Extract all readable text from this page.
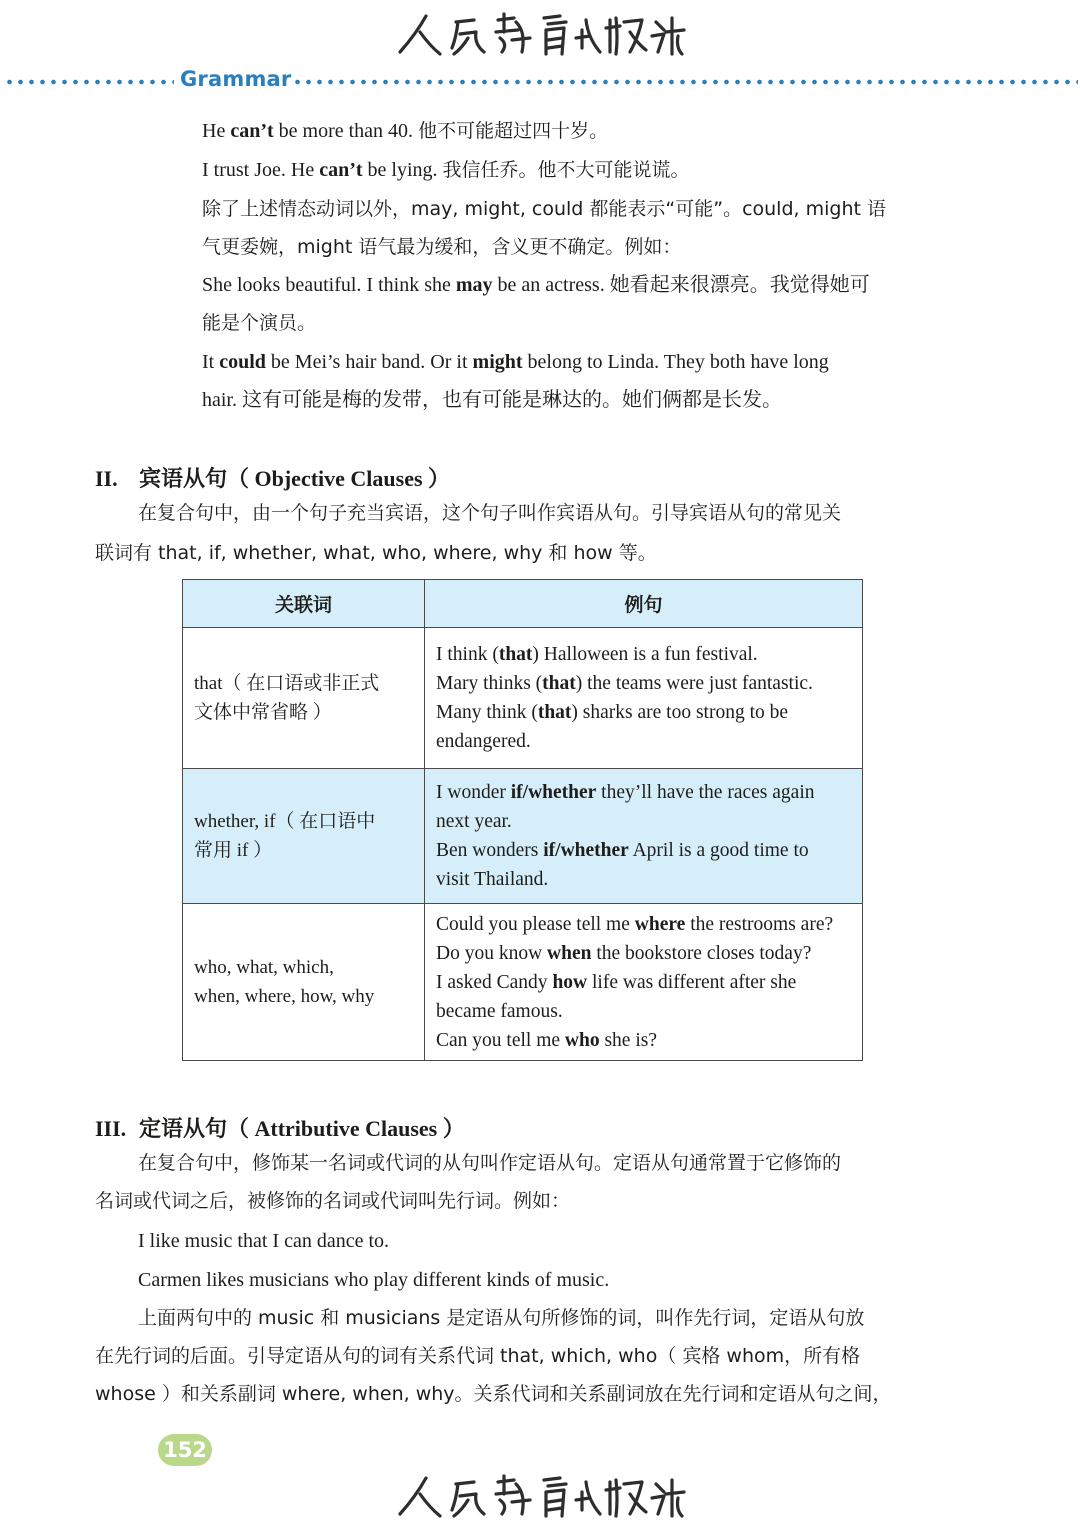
Grammar
He can’t be more than 40. 他不可能超过四十岁。
I trust Joe. He can’t be lying. 我信任乔。他不大可能说谎。
除了上述情态动词以外，may, might, could 都能表示“可能”。could, might 语
气更委婉，might 语气最为缓和，含义更不确定。例如：
She looks beautiful. I think she may be an actress. 她看起来很漂亮。我觉得她可
能是个演员。
It could be Mei’s hair band. Or it might belong to Linda. They both have long
hair. 这有可能是梅的发带，也有可能是琳达的。她们俩都是长发。
II. 宾语从句（ Objective Clauses ）
在复合句中，由一个句子充当宾语，这个句子叫作宾语从句。引导宾语从句的常见关
联词有 that, if, whether, what, who, where, why 和 how 等。
关联词	例句

that（ 在口语或非正式
文体中常省略 ）	I think (that) Halloween is a fun festival.
Mary thinks (that) the teams were just fantastic.
Many think (that) sharks are too strong to be
endangered.

whether, if（ 在口语中
常用 if ）	I wonder if/whether they’ll have the races again
next year.
Ben wonders if/whether April is a good time to
visit Thailand.

who, what, which,
when, where, how, why	Could you please tell me where the restrooms are?
Do you know when the bookstore closes today?
I asked Candy how life was different after she
became famous.
Can you tell me who she is?
III. 定语从句（ Attributive Clauses ）
在复合句中，修饰某一名词或代词的从句叫作定语从句。定语从句通常置于它修饰的
名词或代词之后，被修饰的名词或代词叫先行词。例如：
I like music that I can dance to.
Carmen likes musicians who play different kinds of music.
上面两句中的 music 和 musicians 是定语从句所修饰的词，叫作先行词，定语从句放
在先行词的后面。引导定语从句的词有关系代词 that, which, who（ 宾格 whom，所有格
whose ）和关系副词 where, when, why。关系代词和关系副词放在先行词和定语从句之间，
152
